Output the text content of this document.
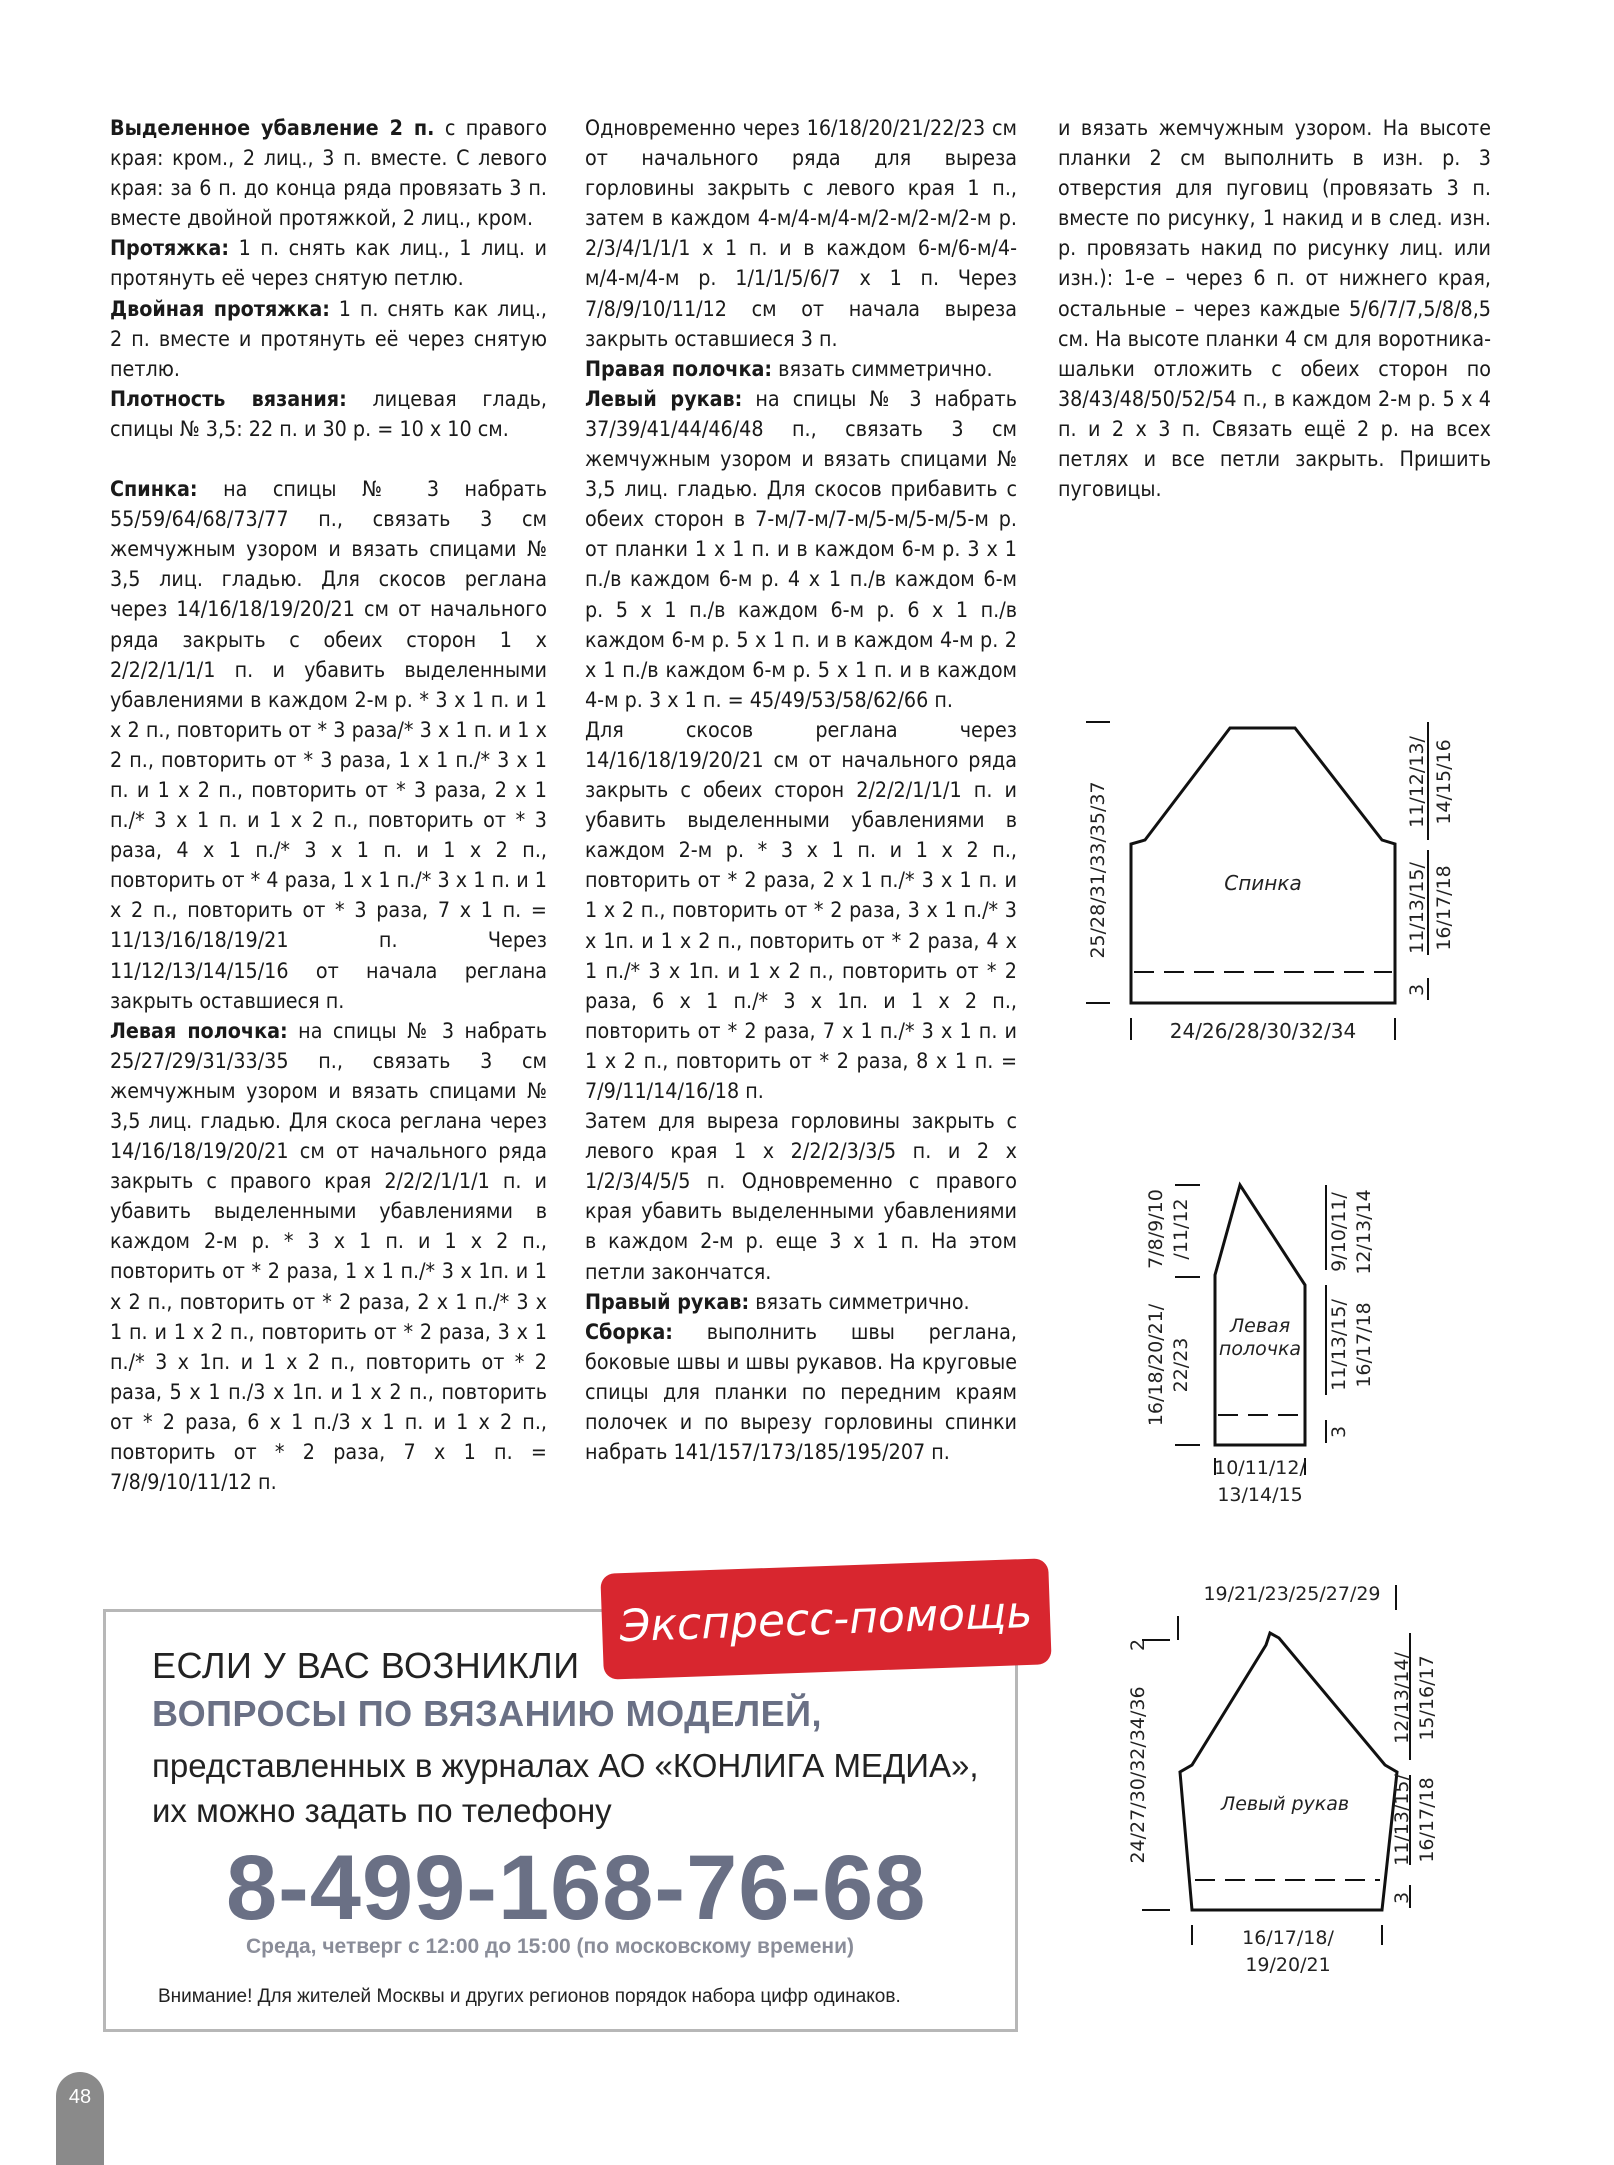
Выделенное убавление 2 п. с правого края: кром., 2 лиц., 3 п. вместе. С левого края: за 6 п. до конца ряда провязать 3 п. вместе двойной протяжкой, 2 лиц., кром.

Протяжка: 1 п. снять как лиц., 1 лиц. и протянуть её через снятую петлю.

Двойная протяжка: 1 п. снять как лиц., 2 п. вместе и протянуть её через снятую петлю.

Плотность вязания: лицевая гладь, спицы № 3,5: 22 п. и 30 р. = 10 х 10 см.

Спинка: на спицы № 3 набрать 55/59/64/68/73/77 п., связать 3 см жемчужным узором и вязать спицами № 3,5 лиц. гладью. Для скосов реглана через 14/16/18/19/20/21 см от начального ряда закрыть с обеих сторон 1 х 2/2/2/1/1/1 п. и убавить выделенными убавлениями в каждом 2-м р. * 3 х 1 п. и 1 х 2 п., повторить от * 3 раза/* 3 х 1 п. и 1 х 2 п., повторить от * 3 раза, 1 х 1 п./* 3 х 1 п. и 1 х 2 п., повторить от * 3 раза, 2 х 1 п./* 3 х 1 п. и 1 х 2 п., повторить от * 3 раза, 4 х 1 п./* 3 х 1 п. и 1 х 2 п., повторить от * 4 раза, 1 х 1 п./* 3 х 1 п. и 1 х 2 п., повторить от * 3 раза, 7 х 1 п. = 11/13/16/18/19/21 п. Через 11/12/13/14/15/16 от начала реглана закрыть оставшиеся п.

Левая полочка: на спицы № 3 набрать 25/27/29/31/33/35 п., связать 3 см жемчужным узором и вязать спицами № 3,5 лиц. гладью. Для скоса реглана через 14/16/18/19/20/21 см от начального ряда закрыть с правого края 2/2/2/1/1/1 п. и убавить выделенными убавлениями в каждом 2-м р. * 3 х 1 п. и 1 х 2 п., повторить от * 2 раза, 1 х 1 п./* 3 х 1п. и 1 х 2 п., повторить от * 2 раза, 2 х 1 п./* 3 х 1 п. и 1 х 2 п., повторить от * 2 раза, 3 х 1 п./* 3 х 1п. и 1 х 2 п., повторить от * 2 раза, 5 х 1 п./3 х 1п. и 1 х 2 п., повторить от * 2 раза, 6 х 1 п./3 х 1 п. и 1 х 2 п., повторить от * 2 раза, 7 х 1 п. = 7/8/9/10/11/12 п.

Одновременно через 16/18/20/21/22/23 см от начального ряда для выреза горловины закрыть с левого края 1 п., затем в каждом 4-м/4-м/4-м/2-м/2-м/2-м р. 2/3/4/1/1/1 х 1 п. и в каждом 6-м/6-м/4-м/4-м/4-м р. 1/1/1/5/6/7 х 1 п. Через 7/8/9/10/11/12 см от начала выреза закрыть оставшиеся 3 п.

Правая полочка: вязать симметрично.

Левый рукав: на спицы № 3 набрать 37/39/41/44/46/48 п., связать 3 см жемчужным узором и вязать спицами № 3,5 лиц. гладью. Для скосов прибавить с обеих сторон в 7-м/7-м/7-м/5-м/5-м/5-м р. от планки 1 х 1 п. и в каждом 6-м р. 3 х 1 п./в каждом 6-м р. 4 х 1 п./в каждом 6-м р. 5 х 1 п./в каждом 6-м р. 6 х 1 п./в каждом 6-м р. 5 х 1 п. и в каждом 4-м р. 2 х 1 п./в каждом 6-м р. 5 х 1 п. и в каждом 4-м р. 3 х 1 п. = 45/49/53/58/62/66 п.

Для скосов реглана через 14/16/18/19/20/21 см от начального ряда закрыть с обеих сторон 2/2/2/1/1/1 п. и убавить выделенными убавлениями в каждом 2-м р. * 3 х 1 п. и 1 х 2 п., повторить от * 2 раза, 2 х 1 п./* 3 х 1 п. и 1 х 2 п., повторить от * 2 раза, 3 х 1 п./* 3 х 1п. и 1 х 2 п., повторить от * 2 раза, 4 х 1 п./* 3 х 1п. и 1 х 2 п., повторить от * 2 раза, 6 х 1 п./* 3 х 1п. и 1 х 2 п., повторить от * 2 раза, 7 х 1 п./* 3 х 1 п. и 1 х 2 п., повторить от * 2 раза, 8 х 1 п. = 7/9/11/14/16/18 п.

Затем для выреза горловины закрыть с левого края 1 х 2/2/2/3/3/5 п. и 2 х 1/2/3/4/5/5 п. Одновременно с правого края убавить выделенными убавлениями в каждом 2-м р. еще 3 х 1 п. На этом петли закончатся.

Правый рукав: вязать симметрично.

Сборка: выполнить швы реглана, боковые швы и швы рукавов. На круговые спицы для планки по передним краям полочек и по вырезу горловины спинки набрать 141/157/173/185/195/207 п.

и вязать жемчужным узором. На высоте планки 2 см выполнить в изн. р. 3 отверстия для пуговиц (провязать 3 п. вместе по рисунку, 1 накид и в след. изн. р. провязать накид по рисунку лиц. или изн.): 1-е – через 6 п. от нижнего края, остальные – через каждые 5/6/7/7,5/8/8,5 см. На высоте планки 4 см для воротника-шальки отложить с обеих сторон по 38/43/48/50/52/54 п., в каждом 2-м р. 5 х 4 п. и 2 х 3 п. Связать ещё 2 р. на всех петлях и все петли закрыть. Пришить пуговицы.

Спинка
24/26/28/30/32/34
25/28/31/33/35/37	11/12/13/ 14/15/16
11/13/15/ 16/17/18
3
Левая
полочка
10/11/12/
13/14/15
7/8/9/10 /11/12
16/18/20/21/ 22/23
9/10/11/ 12/13/14
11/13/15/ 16/17/18
3
Левый рукав
19/21/23/25/27/29
2
16/17/18/
19/20/21
24/27/30/32/34/36	12/13/14/ 15/16/17
11/13/15/ 16/17/18
3
Экспресс-помощь
ЕСЛИ У ВАС ВОЗНИКЛИ
ВОПРОСЫ ПО ВЯЗАНИЮ МОДЕЛЕЙ,
представленных в журналах АО «КОНЛИГА МЕДИА»,
их можно задать по телефону
8-499-168-76-68
Среда, четверг с 12:00 до 15:00 (по московскому времени)
Внимание! Для жителей Москвы и других регионов порядок набора цифр одинаков.
48
